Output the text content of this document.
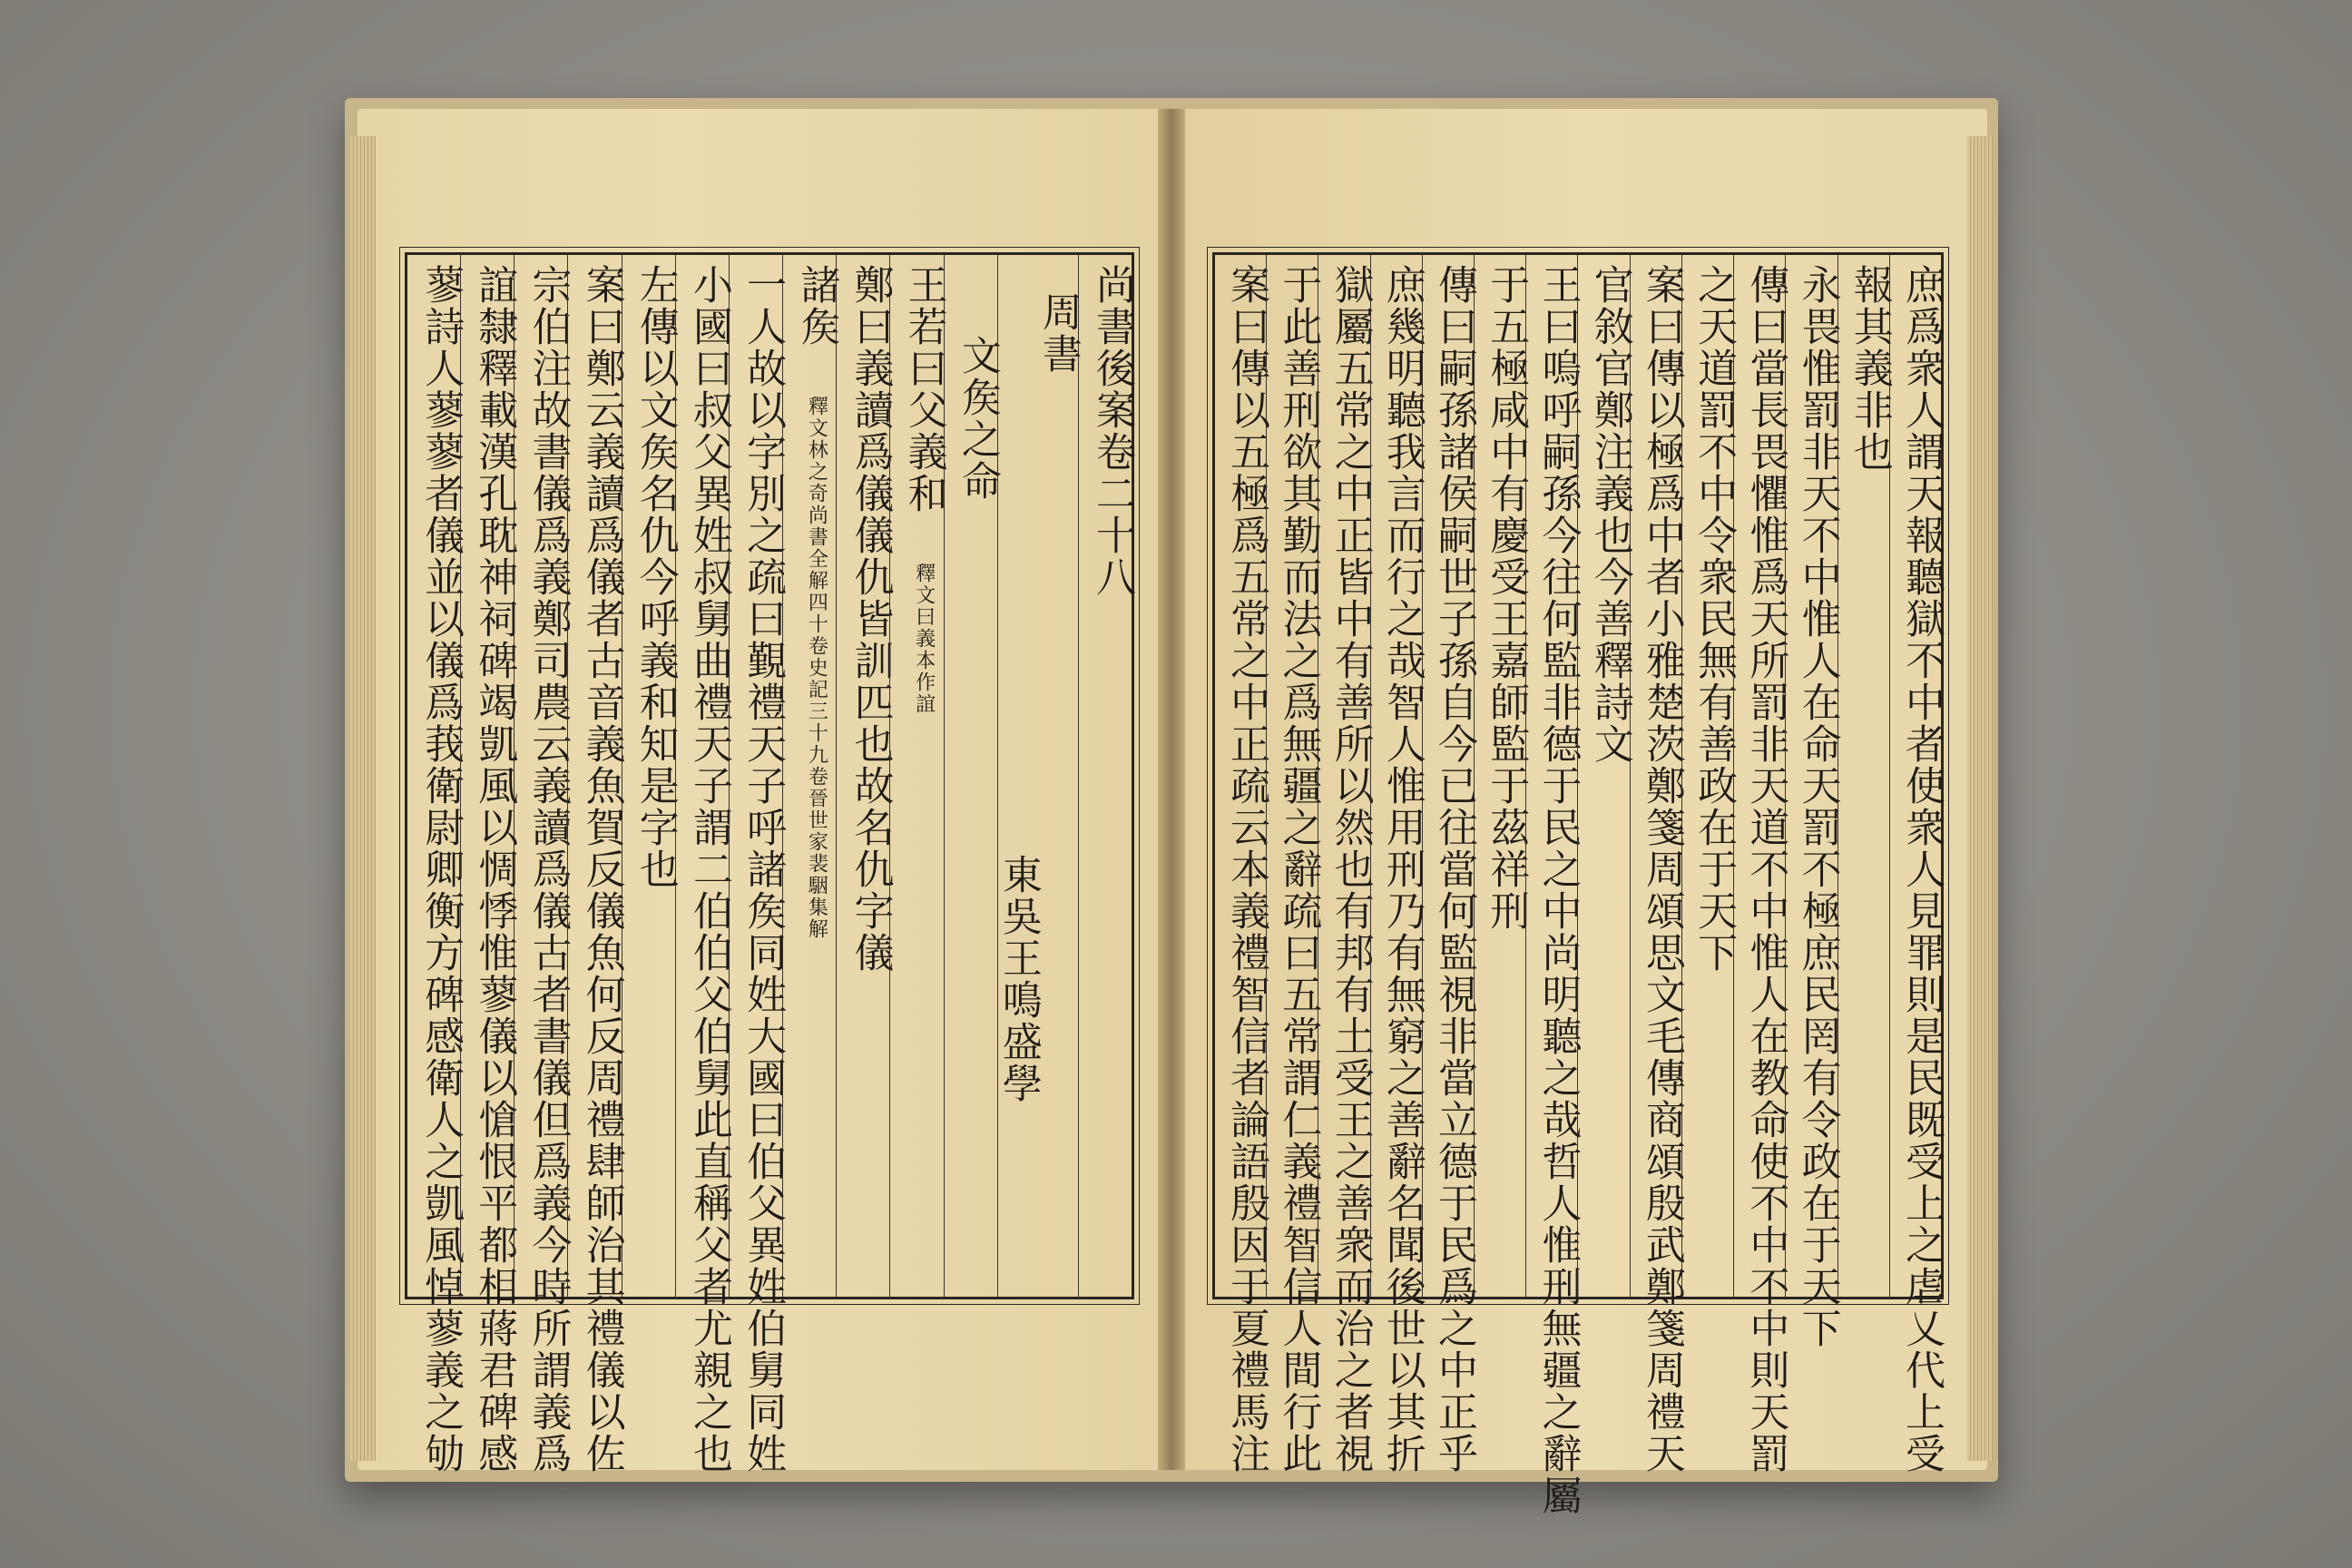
尚書後案卷二十八
周書
東吳王鳴盛學
文矦之命
王若曰父義和 釋文曰義本作誼
鄭曰義讀爲儀儀仇皆訓匹也故名仇字儀
諸矦 釋文林之奇尚書全解四十卷史記三十九卷晉世家裴駰集解
一人故以字別之疏曰覲禮天子呼諸矦同姓大國曰伯父異姓伯舅同姓
小國曰叔父異姓叔舅曲禮天子謂二伯伯父伯舅此直稱父者尤親之也
左傳以文矦名仇今呼義和知是字也
案曰鄭云義讀爲儀者古音義魚賀反儀魚何反周禮肆師治其禮儀以佐
宗伯注故書儀爲義鄭司農云義讀爲儀古者書儀但爲義今時所謂義爲
誼隸釋載漢孔耽神祠碑竭凱風以惆悸惟蓼儀以愴恨平都相蔣君碑感
蓼詩人蓼蓼者儀並以儀爲莪衛尉卿衡方碑感衛人之凱風悼蓼義之劬	庶爲衆人謂天報聽獄不中者使衆人見罪則是民既受上之虐乂代上受
報其義非也
永畏惟罰非天不中惟人在命天罰不極庶民罔有令政在于天下
傳曰當長畏懼惟爲天所罰非天道不中惟人在教命使不中不中則天罰
之天道罰不中令衆民無有善政在于天下
案曰傳以極爲中者小雅楚茨鄭箋周頌思文毛傳商頌殷武鄭箋周禮天
官敘官鄭注義也今善釋詩文
王曰嗚呼嗣孫今往何監非德于民之中尚明聽之哉哲人惟刑無疆之辭屬
于五極咸中有慶受王嘉師監于茲祥刑
傳曰嗣孫諸侯嗣世子孫自今已往當何監視非當立德于民爲之中正乎
庶幾明聽我言而行之哉智人惟用刑乃有無窮之善辭名聞後世以其折
獄屬五常之中正皆中有善所以然也有邦有土受王之善衆而治之者視
于此善刑欲其勤而法之爲無疆之辭疏曰五常謂仁義禮智信人間行此
案曰傳以五極爲五常之中正疏云本義禮智信者論語殷因于夏禮馬注
